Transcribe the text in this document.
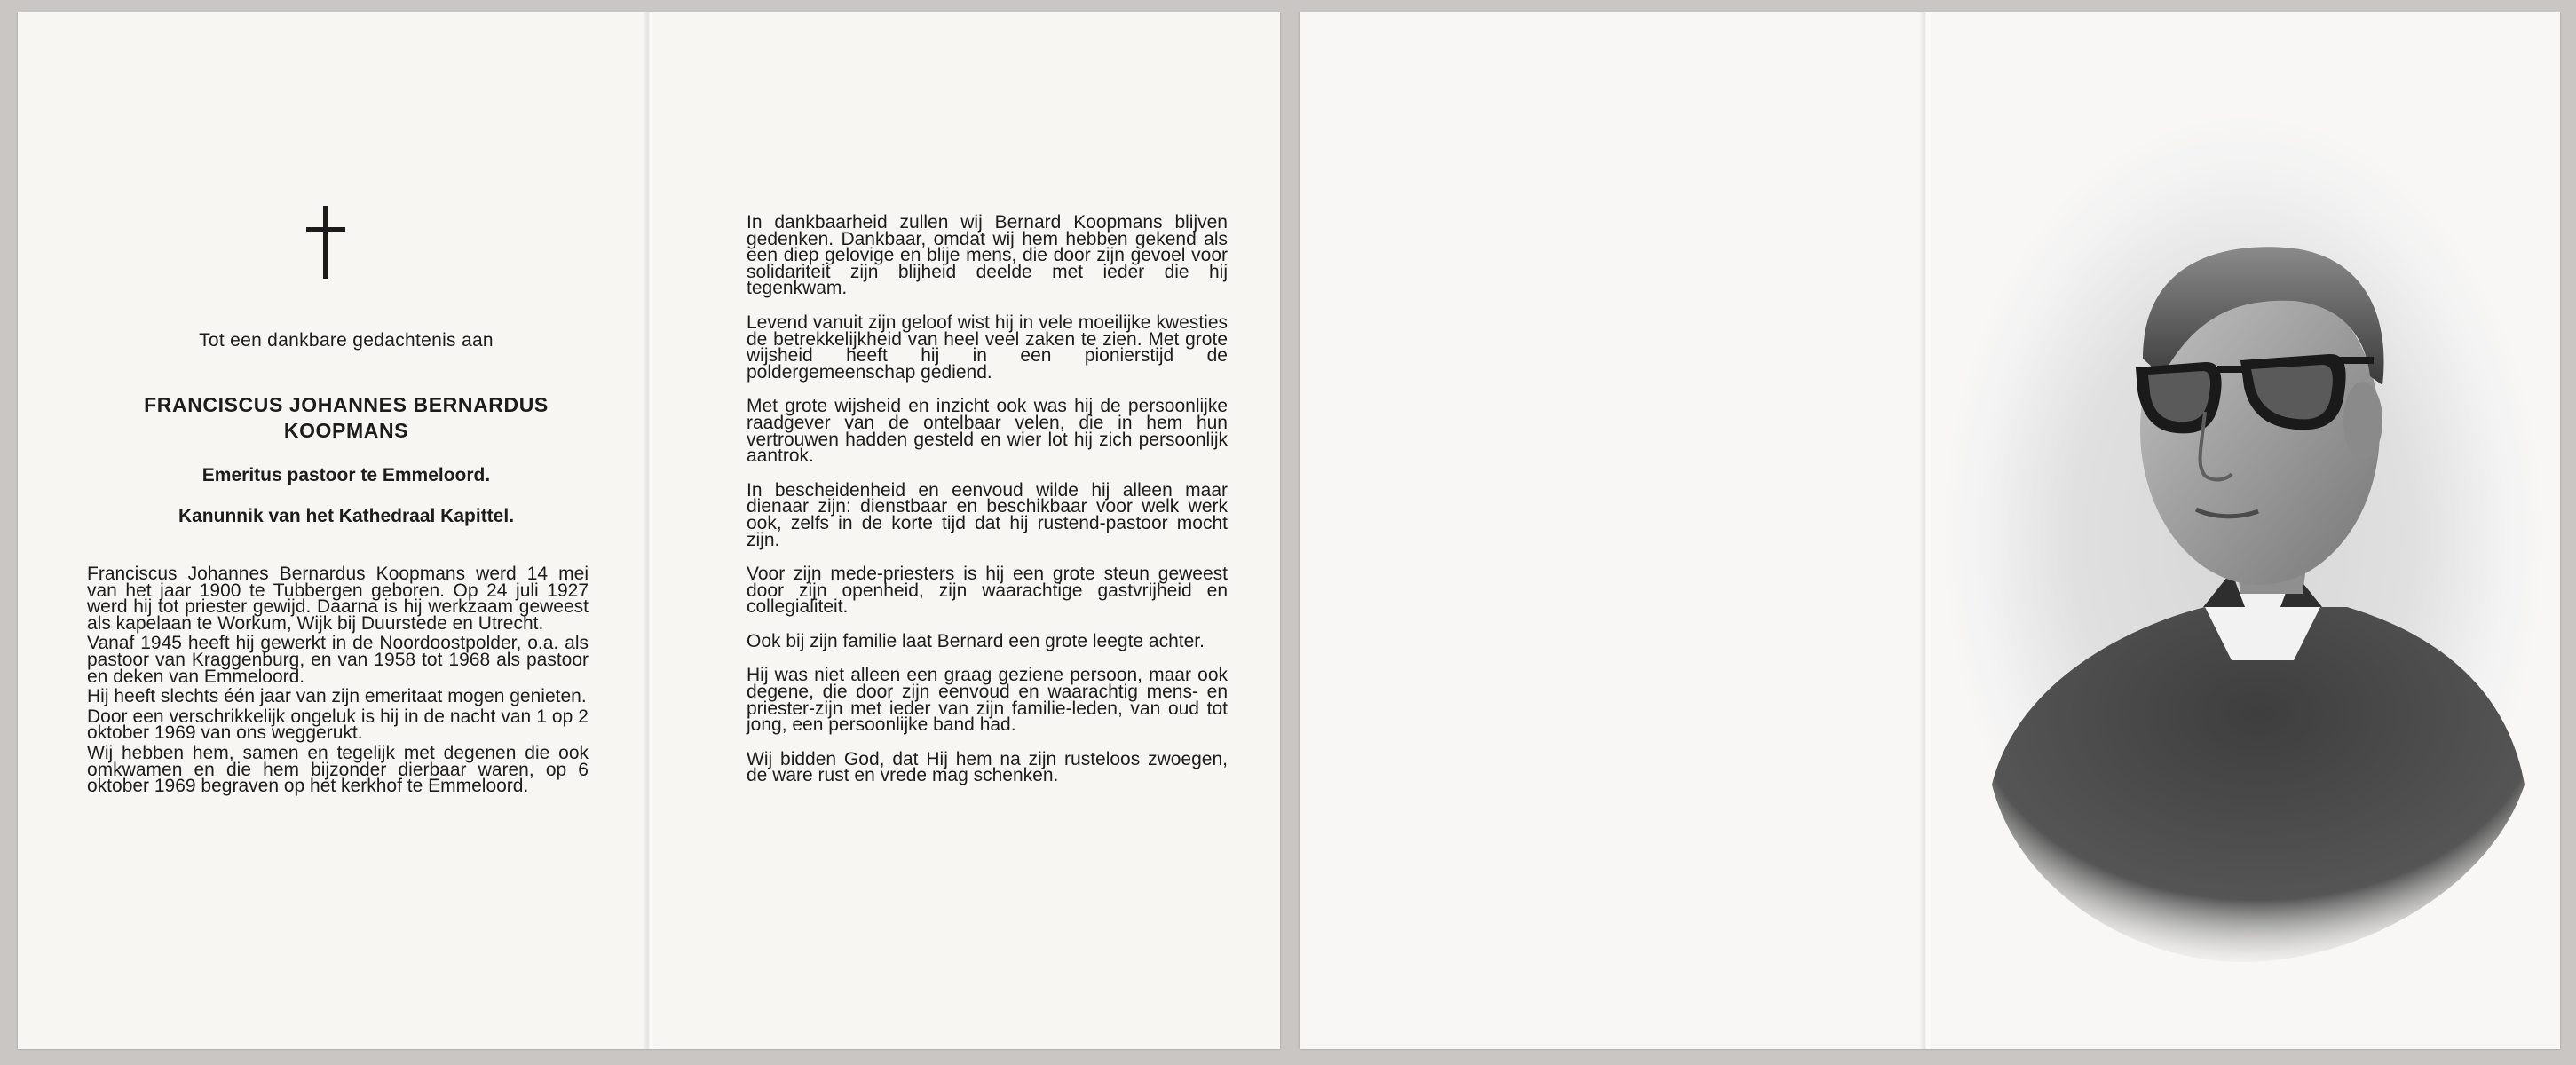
Tot een dankbare gedachtenis aan
FRANCISCUS JOHANNES BERNARDUS
KOOPMANS
Emeritus pastoor te Emmeloord.
Kanunnik van het Kathedraal Kapittel.

Franciscus Johannes Bernardus Koopmans werd 14 mei van het jaar 1900 te Tubbergen geboren. Op 24 juli 1927 werd hij tot priester gewijd. Daarna is hij werkzaam geweest als kapelaan te Workum, Wijk bij Duurstede en Utrecht.

Vanaf 1945 heeft hij gewerkt in de Noordoostpolder, o.a. als pastoor van Kraggenburg, en van 1958 tot 1968 als pastoor en deken van Emmeloord.

Hij heeft slechts één jaar van zijn emeritaat mogen genieten.

Door een verschrikkelijk ongeluk is hij in de nacht van 1 op 2 oktober 1969 van ons weggerukt.

Wij hebben hem, samen en tegelijk met degenen die ook omkwamen en die hem bijzonder dierbaar waren, op 6 oktober 1969 begraven op het kerkhof te Emmeloord.

In dankbaarheid zullen wij Bernard Koopmans blijven gedenken. Dankbaar, omdat wij hem hebben gekend als een diep gelovige en blije mens, die door zijn gevoel voor solidariteit zijn blijheid deelde met ieder die hij tegenkwam.

Levend vanuit zijn geloof wist hij in vele moeilijke kwesties de betrekkelijkheid van heel veel zaken te zien. Met grote wijsheid heeft hij in een pionierstijd de poldergemeenschap gediend.

Met grote wijsheid en inzicht ook was hij de persoonlijke raadgever van de ontelbaar velen, die in hem hun vertrouwen hadden gesteld en wier lot hij zich persoonlijk aantrok.

In bescheidenheid en eenvoud wilde hij alleen maar dienaar zijn: dienstbaar en beschikbaar voor welk werk ook, zelfs in de korte tijd dat hij rustend-pastoor mocht zijn.

Voor zijn mede-priesters is hij een grote steun geweest door zijn openheid, zijn waarachtige gastvrijheid en collegialiteit.

Ook bij zijn familie laat Bernard een grote leegte achter.

Hij was niet alleen een graag geziene persoon, maar ook degene, die door zijn eenvoud en waarachtig mens- en priester-zijn met ieder van zijn familie-leden, van oud tot jong, een persoonlijke band had.

Wij bidden God, dat Hij hem na zijn rusteloos zwoegen, de ware rust en vrede mag schenken.
